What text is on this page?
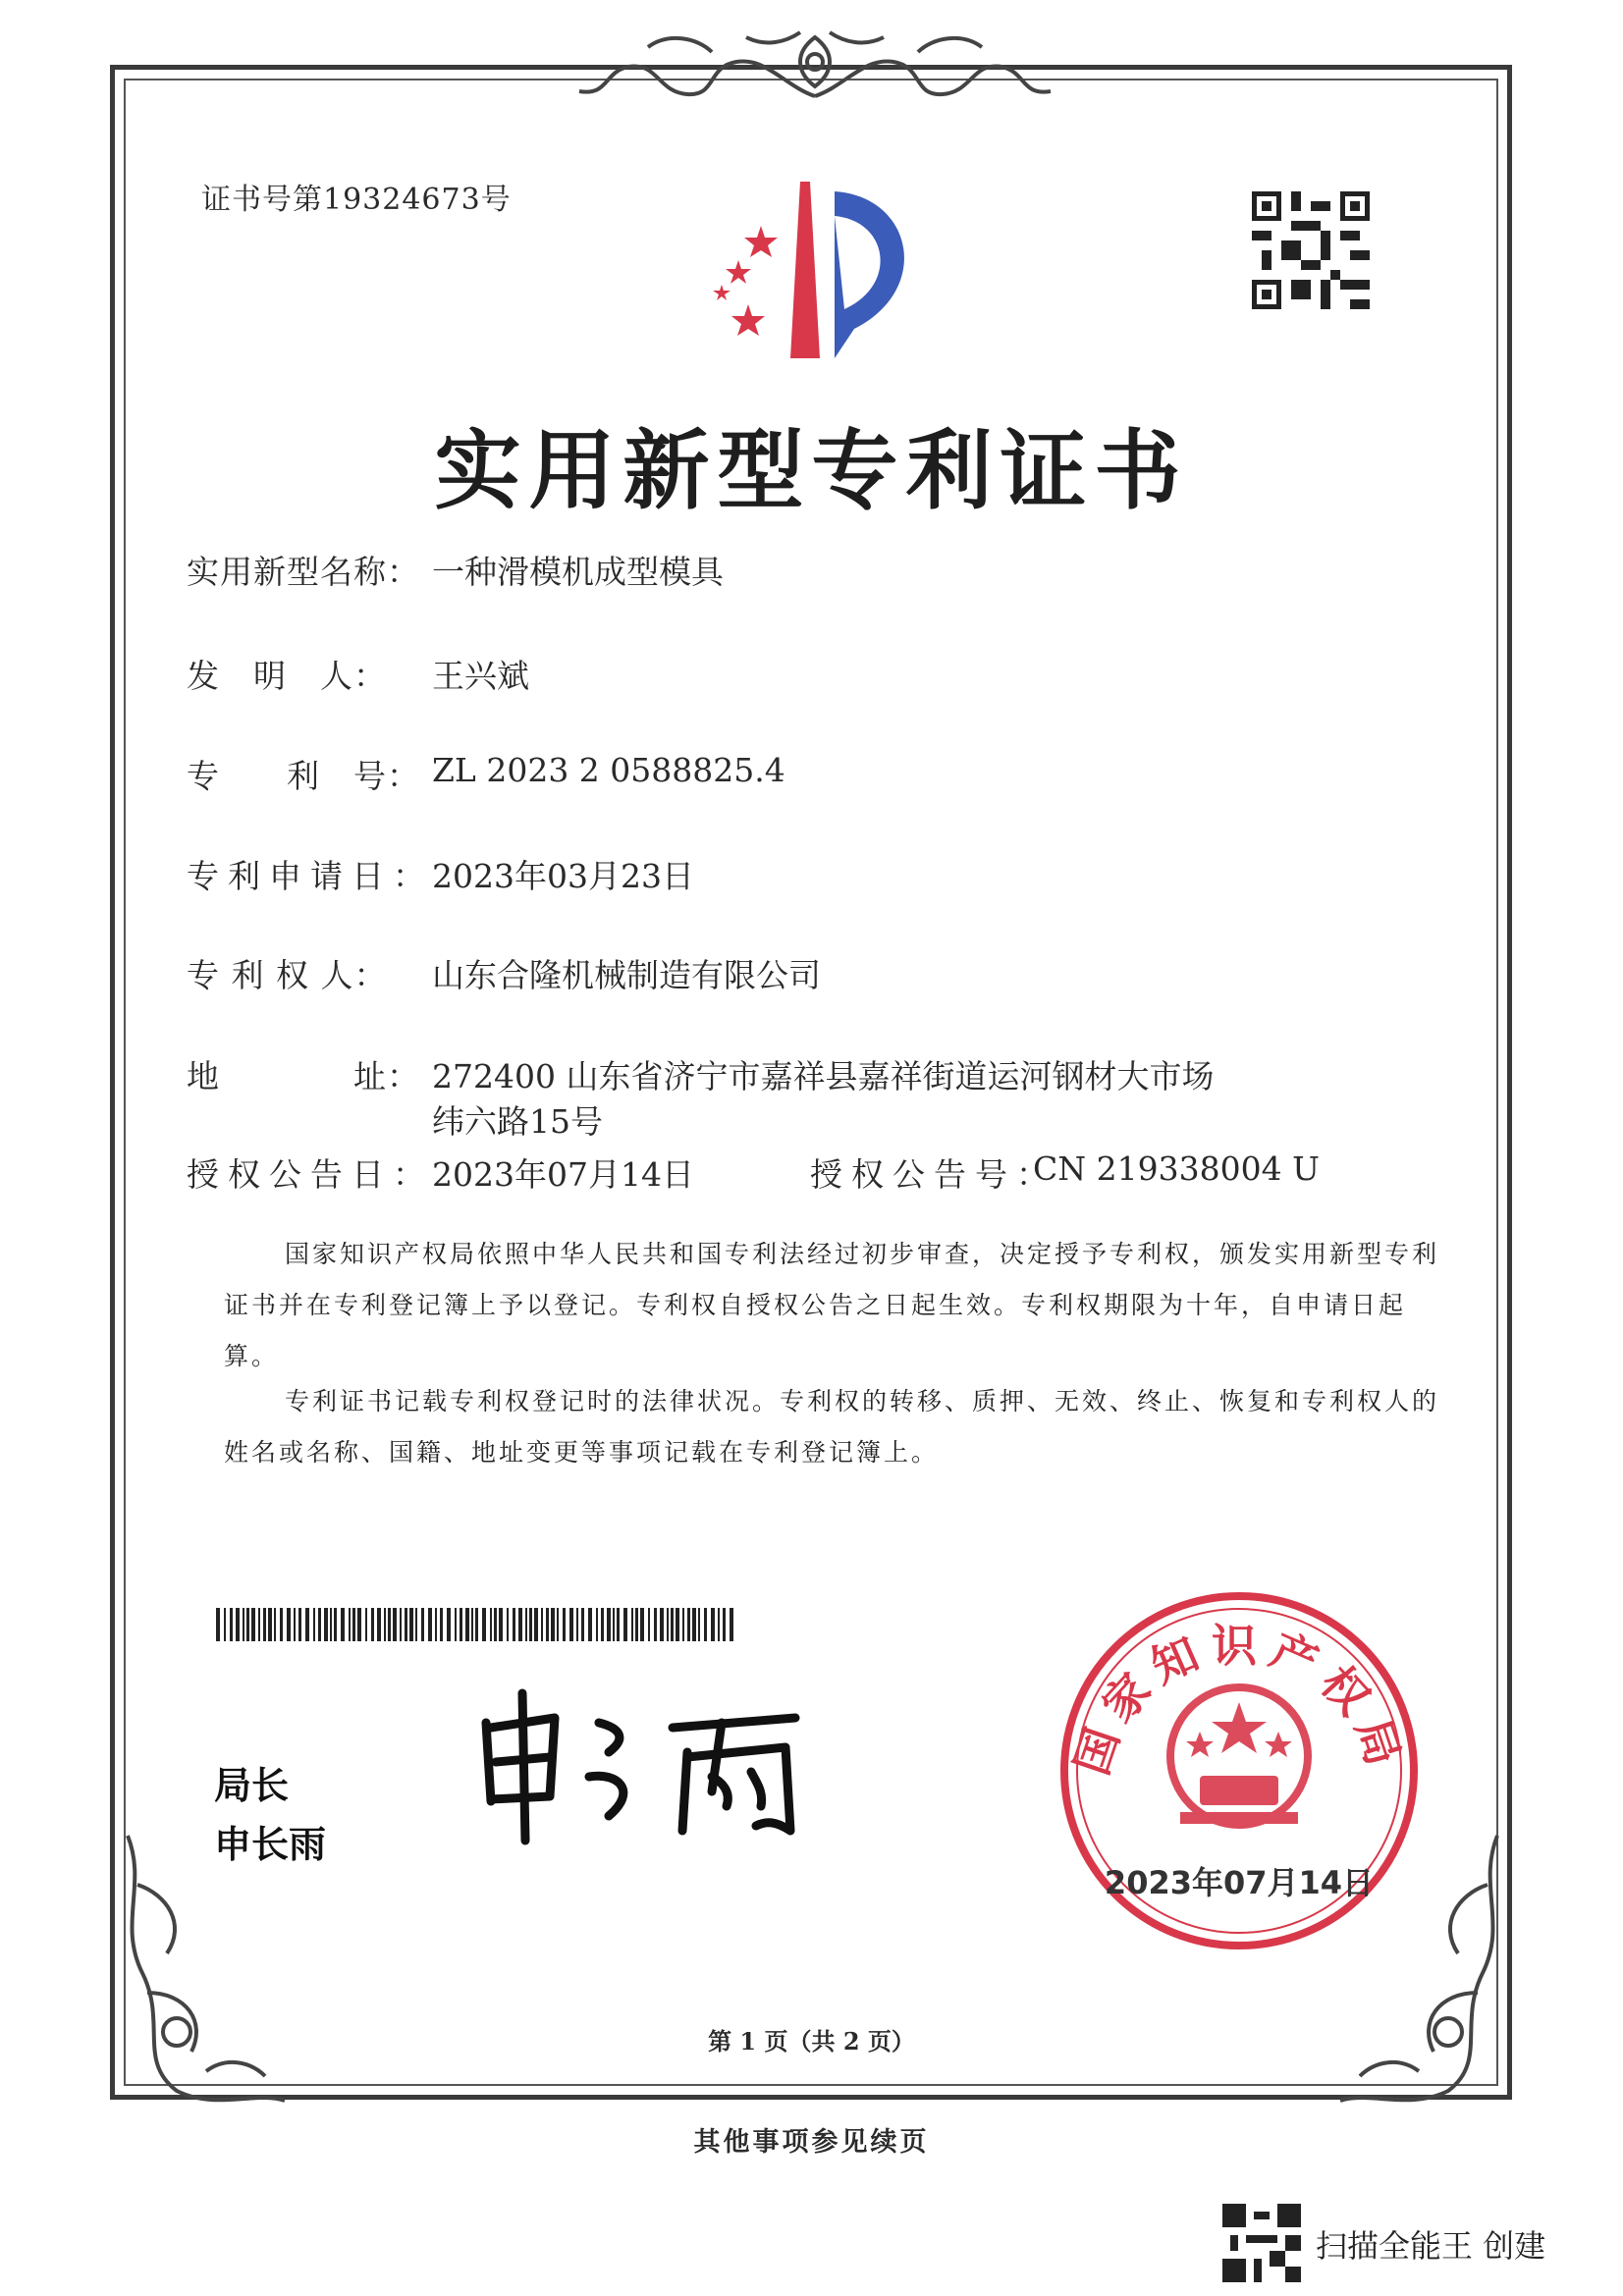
证书号第19324673号
实用新型专利证书
实用新型名称： 一种滑模机成型模具
发　明　人： 王兴斌
专　　利　号： ZL 2023 2 0588825.4
专利申请日：
2023年03月23日
专 利 权 人： 山东合隆机械制造有限公司
地　　　　址： 272400 山东省济宁市嘉祥县嘉祥街道运河钢材大市场
纬六路15号
授权公告日：
2023年07月14日	授权公告号：
CN 219338004 U
国家知识产权局依照中华人民共和国专利法经过初步审查，决定授予专利权，颁发实用新型专利证书并在专利登记簿上予以登记。专利权自授权公告之日起生效。专利权期限为十年，自申请日起算。
专利证书记载专利权登记时的法律状况。专利权的转移、质押、无效、终止、恢复和专利权人的姓名或名称、国籍、地址变更等事项记载在专利登记簿上。
局长
申长雨
国家知识产权局
2023年07月14日
第 1 页（共 2 页）
其他事项参见续页
扫描全能王 创建
